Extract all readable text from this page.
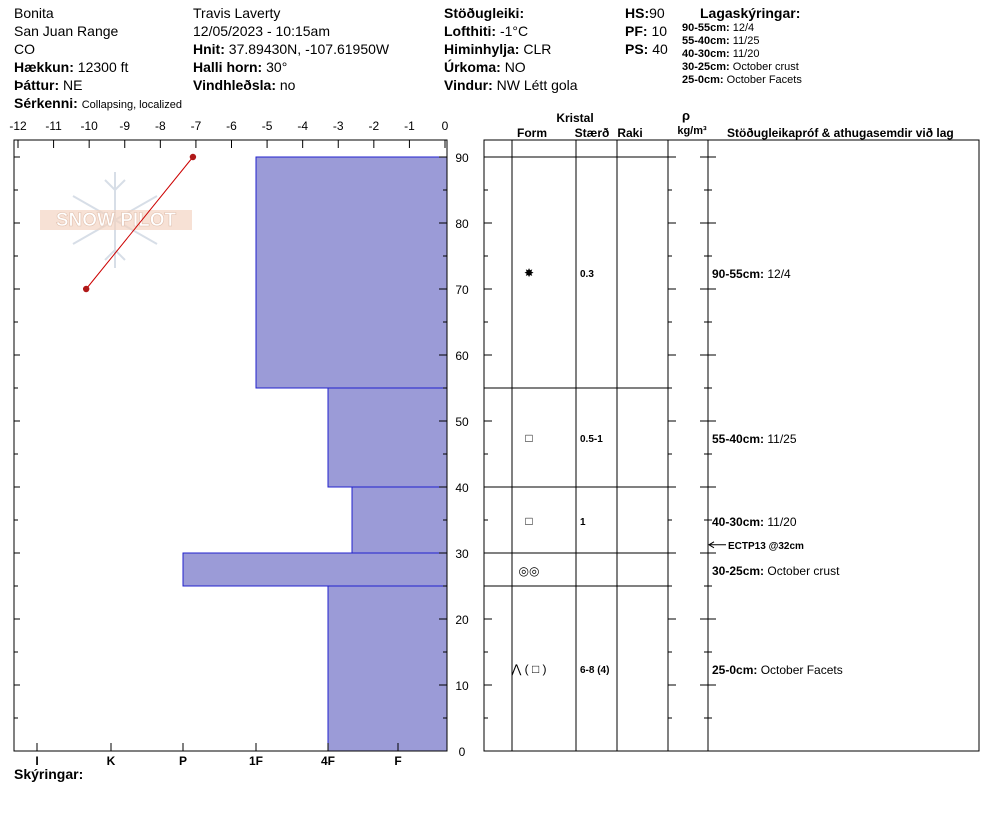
Bonita
San Juan Range
CO
Hækkun: 12300 ft
Þáttur: NE
Sérkenni: Collapsing, localized
Travis Laverty
12/05/2023 - 10:15am
Hnit: 37.89430N, -107.61950W
Halli horn: 30°
Vindhleðsla: no
Stöðugleiki:
Lofthiti: -1°C
Himinhylja: CLR
Úrkoma: NO
Vindur: NW Létt gola
HS:90
PF: 10
PS: 40
Lagaskýringar:
90-55cm: 12/4
55-40cm: 11/25
40-30cm: 11/20
30-25cm: October crust
25-0cm: October Facets
SNOW PILOT
-12 -11 -10 -9 -8 -7 -6 -5 -4 -3 -2 -1 0
0
10
20
30
40
50
60
70
80
90
I	K	P	1F	4F	F
Kristal
Form Stærð Raki
ρ
kg/m³ Stöðugleikapróf & athugasemdir við lag
✸	0.3	90-55cm: 12/4
□	0.5-1	55-40cm: 11/25
□	1	40-30cm: 11/20
◎◎	30-25cm: October crust
⋀ ( □ )	6-8 (4)	25-0cm: October Facets
ECTP13 @32cm
Skýringar:
